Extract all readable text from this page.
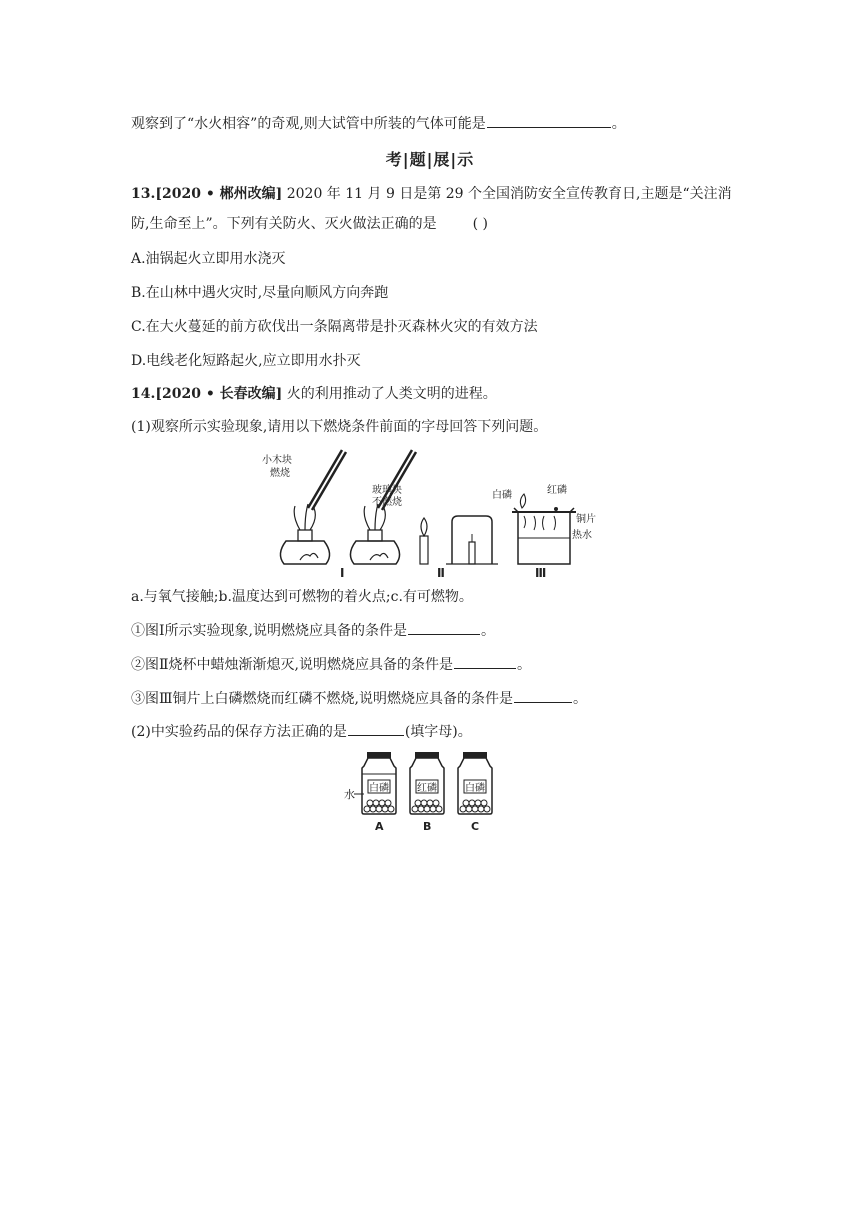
观察到了“水火相容”的奇观,则大试管中所装的气体可能是	。
考|题|展|示
13.[2020 • 郴州改编] 2020 年 11 月 9 日是第 29 个全国消防安全宣传教育日,主题是“关注消
防,生命至上”。下列有关防火、灭火做法正确的是	( )
A.油锅起火立即用水浇灭
B.在山林中遇火灾时,尽量向顺风方向奔跑
C.在大火蔓延的前方砍伐出一条隔离带是扑灭森林火灾的有效方法
D.电线老化短路起火,应立即用水扑灭
14.[2020 • 长春改编] 火的利用推动了人类文明的进程。
(1)观察所示实验现象,请用以下燃烧条件前面的字母回答下列问题。
小木块
燃烧
玻璃块
不燃烧
白磷	红磷
铜片
热水
Ⅰ	Ⅱ	Ⅲ
a.与氧气接触;b.温度达到可燃物的着火点;c.有可燃物。
①图Ⅰ所示实验现象,说明燃烧应具备的条件是	。
②图Ⅱ烧杯中蜡烛渐渐熄灭,说明燃烧应具备的条件是	。
③图Ⅲ铜片上白磷燃烧而红磷不燃烧,说明燃烧应具备的条件是	。
(2)中实验药品的保存方法正确的是	(填字母)。
水 白磷	红磷	白磷
A	B	C
